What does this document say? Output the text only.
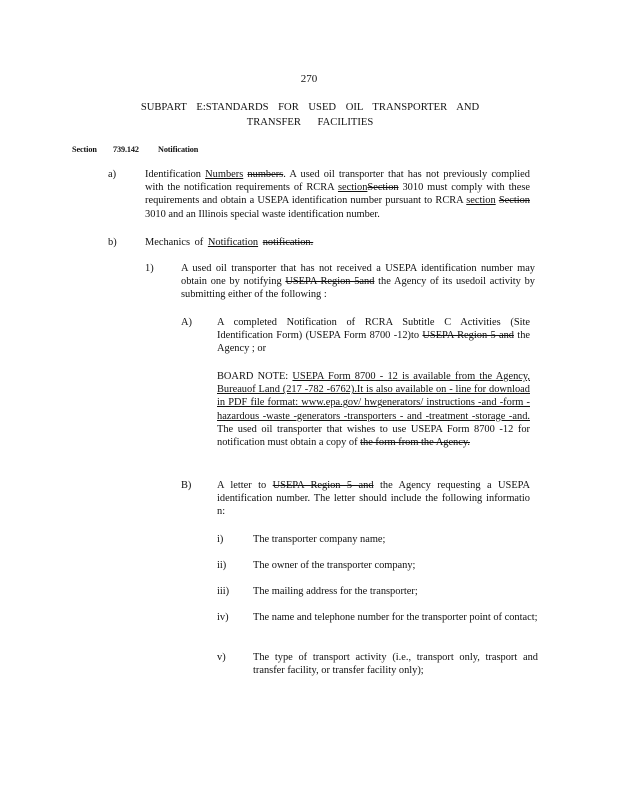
270
SUBPART E:STANDARDS FOR USED OIL TRANSPORTER AND
TRANSFER FACILITIES
Section 739.142 Notification
a)	Identification Numbers numbers. A used oil transporter that has not previously complied with the notification requirements of RCRA sectionSection 3010 must comply with these requirements and obtain a USEPA identification number pursuant to RCRA section Section 3010 and an Illinois special waste identification number.
b)	Mechanics of Notification notification.
1)	A used oil transporter that has not received a USEPA identification number may obtain one by notifying USEPA Region 5and the Agency of its usedoil activity by submitting either of the following :
A) A completed Notification of RCRA Subtitle C Activities (Site Identification Form) (USEPA Form 8700 -12)to USEPA Region 5 and the Agency ; or
BOARD NOTE: USEPA Form 8700 - 12 is available from the Agency, Bureauof Land (217 -782 -6762).It is also available on - line for download in PDF file format: www.epa.gov/ hwgenerators/ instructions -and -form -hazardous -waste -generators -transporters - and -treatment -storage -and. The used oil transporter that wishes to use USEPA Form 8700 -12 for notification must obtain a copy of the form from the Agency.
B) A letter to USEPA Region 5 and the Agency requesting a USEPA identification number. The letter should include the following informatio n:
i)	The transporter company name;
ii)	The owner of the transporter company;
iii) The mailing address for the transporter;
iv) The name and telephone number for the transporter point of contact;
v)	The type of transport activity (i.e., transport only, trasport and transfer facility, or transfer facility only);
